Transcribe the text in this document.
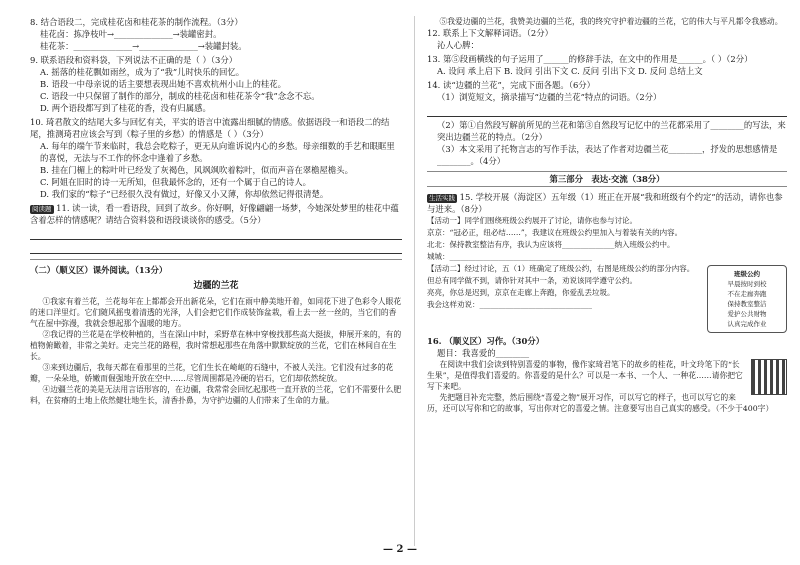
8. 结合语段二，完成桂花卤和桂花茶的制作流程。（3分）
桂花卤：拣净枝叶→______________→装罐密封。
桂花茶：______________→______________→装罐封装。
9. 联系语段和资料袋，下列说法不正确的是（ ）（3分）
A. 摇落的桂花飘如雨丝，成为了“我”儿时快乐的回忆。
B. 语段一中母亲说的话主要想表现出她不喜欢杭州小山上的桂花。
C. 语段一中只保留了制作的部分，制成的桂花卤和桂花茶令“我”念念不忘。
D. 两个语段都写到了桂花的香，没有归属感。
10. 琦君散文的结尾大多与回忆有关，平实的语言中流露出细腻的情感。依据语段一和语段二的结尾，推测琦君应该会写到（粽子里的乡愁）的情感是（ ）（3分）
A. 每年的端午节来临时，我总会吃粽子，更无从向谁诉说内心的乡愁。母亲细数的手艺和眼眶里
的喜悦，无法与不工作的怀念中逢着了乡愁。
B. 挂在门楣上的粽叶叶已经发了灰褐色，风飒飒吹着粽叶，似而声音在翠檐屋檐头。
C. 阿姐在旧时的诗一无所知，但我最怀念的，还有一个属于自己的诗人。
D. 我们家的“粽子”已经很久没有做过，好像又小又薄，你却依然记得很清楚。
阅读题 11. 读一读，看一看语段，回到了故乡。你好啊，好像翩翩一场梦，今她深处梦里的桂花中蕴含着怎样的情感呢？请结合资料袋和语段谈谈你的感受。（5分）
（二）（顺义区）课外阅读。（13分）
边疆的兰花

①我家有着兰花，兰花每年在上都都会开出新花朵，它们在雨中静美地开着，如同花下进了色彩令人眼花的迷口洋里灯。它们随风摇曳着清透的光泽，人们会把它们作成装饰盆栽，看上去一丝一丝的，当它们的香气在屋中弥漫，我就会想起那个温暖的地方。

②我记得的兰花是在学校种植的，当在深山中时，采野草在林中穿梭找那些高大挺拔，伸展开来的，有的植物俯瞰着，非常之美好。走完兰花的路程，我时常想起那些在角落中默默绽放的兰花，它们在林间自在生长。

③来到边疆后，我每天都在看那里的兰花，它们生长在崎岖的石缝中，不被人关注。它们没有过多的花瓣，一朵朵地，娇嫩而倔强地开放在空中……尽管周围都是冷硬的岩石，它们却依然绽放。

④边疆兰花的美是无法用言语形容的，在边疆，我常常会回忆起那些一直开放的兰花，它们不需要什么肥料，在贫瘠的土地上依然健壮地生长，清香扑鼻，为守护边疆的人们带来了生命的力量。

⑤我爱边疆的兰花，我赞美边疆的兰花，我的终究守护着边疆的兰花，它的伟大与平凡都令我感动。

12. 联系上下文解释词语。（2分）
沁人心脾：
13. 第⑤段画横线的句子运用了______的修辞手法，在文中的作用是______。（ ）（2分）
A. 设问 承上启下 B. 设问 引出下文 C. 反问 引出下文 D. 反问 总结上文
14. 读“边疆的兰花”，完成下面各题。（6分）
（1）浏览短文，摘录描写“边疆的兰花”特点的词语。（2分）
（2）第①自然段写解前所见的兰花和第③自然段写记忆中的兰花都采用了________的写法，来突出边疆兰花的特点。（2分）
（3）本文采用了托物言志的写作手法，表达了作者对边疆兰花________，抒发的思想感情是________。（4分）
第三部分　表达·交流（38分）
生活实践 15. 学校开展（海淀区）五年级（1）班正在开展“我和班级有个约定”的活动，请你也参与进来。（8分）
【活动一】同学们围绕班级公约展开了讨论，请你也参与讨论。
京京：“冠必正，纽必结……”，我建议在班级公约里加入与着装有关的内容。
北北：保持教室整洁有序，我认为应该将______________纳入班级公约中。
城城：______________________________________
班级公约
早晨按时到校
不在走廊奔跑
保持教室整洁
爱护公共财物
认真完成作业
【活动二】经过讨论，五（1）班确定了班级公约，右图是班级公约的部分内容。但总有同学做不到，请你针对其中一条，劝说该同学遵守公约。
亮亮，你总是迟到，京京在走廊上奔跑，你爱乱丢垃圾。
我会这样劝说：______________________________
16. （顺义区）习作。（30分）
题目：我喜爱的________

在阅读中我们会读到特别喜爱的事物，像作家琦君笔下的故乡的桂花，叶文玲笔下的“长生果”，是值得我们喜爱的。你喜爱的是什么？可以是一本书、一个人、一种花……请你把它写下来吧。

先把题目补充完整，然后围绕“喜爱之物”展开习作，可以写它的样子，也可以写它的来历，还可以写你和它的故事，写出你对它的喜爱之情。注意要写出自己真实的感受。（不少于400字）

— 2 —
